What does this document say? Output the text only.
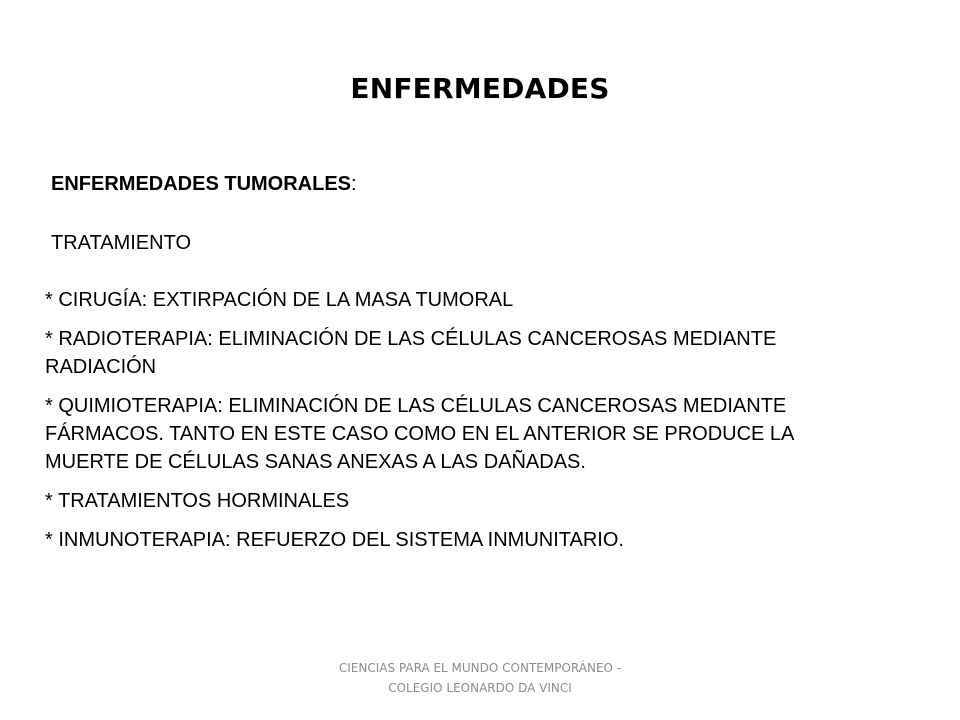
ENFERMEDADES
ENFERMEDADES TUMORALES:
TRATAMIENTO
* CIRUGÍA: EXTIRPACIÓN DE LA MASA TUMORAL
* RADIOTERAPIA: ELIMINACIÓN DE LAS CÉLULAS CANCEROSAS MEDIANTE RADIACIÓN
* QUIMIOTERAPIA: ELIMINACIÓN DE LAS CÉLULAS CANCEROSAS MEDIANTE FÁRMACOS. TANTO EN ESTE CASO COMO EN EL ANTERIOR SE PRODUCE LA MUERTE DE CÉLULAS SANAS ANEXAS A LAS DAÑADAS.
* TRATAMIENTOS HORMINALES
* INMUNOTERAPIA: REFUERZO DEL SISTEMA INMUNITARIO.
CIENCIAS PARA EL MUNDO CONTEMPORÁNEO - COLEGIO LEONARDO DA VINCI
